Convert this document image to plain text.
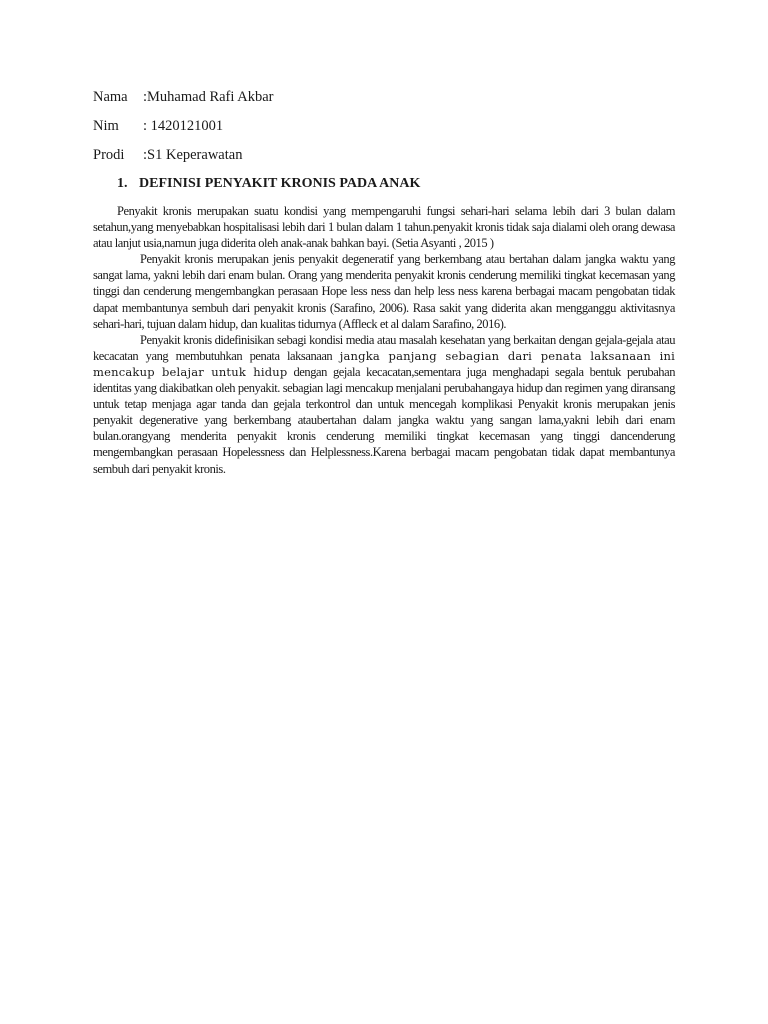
Nama :Muhamad Rafi Akbar
Nim : 1420121001
Prodi :S1 Keperawatan
1. DEFINISI PENYAKIT KRONIS PADA ANAK

Penyakit kronis merupakan suatu kondisi yang mempengaruhi fungsi sehari-hari selama lebih dari 3 bulan dalam setahun,yang menyebabkan hospitalisasi lebih dari 1 bulan dalam 1 tahun.penyakit kronis tidak saja dialami oleh orang dewasa atau lanjut usia,namun juga diderita oleh anak-anak bahkan bayi. (Setia Asyanti , 2015 )

Penyakit kronis merupakan jenis penyakit degeneratif yang berkembang atau bertahan dalam jangka waktu yang sangat lama, yakni lebih dari enam bulan. Orang yang menderita penyakit kronis cenderung memiliki tingkat kecemasan yang tinggi dan cenderung mengembangkan perasaan Hope less ness dan help less ness karena berbagai macam pengobatan tidak dapat membantunya sembuh dari penyakit kronis (Sarafino, 2006). Rasa sakit yang diderita akan mengganggu aktivitasnya sehari-hari, tujuan dalam hidup, dan kualitas tidurnya (Affleck et al dalam Sarafino, 2016).

Penyakit kronis didefinisikan sebagi kondisi media atau masalah kesehatan yang berkaitan dengan gejala-gejala atau kecacatan yang membutuhkan penata laksanaan jangka panjang sebagian dari penata laksanaan ini mencakup belajar untuk hidup dengan gejala kecacatan,sementara juga menghadapi segala bentuk perubahan identitas yang diakibatkan oleh penyakit. sebagian lagi mencakup menjalani perubahangaya hidup dan regimen yang diransang untuk tetap menjaga agar tanda dan gejala terkontrol dan untuk mencegah komplikasi Penyakit kronis merupakan jenis penyakit degenerative yang berkembang ataubertahan dalam jangka waktu yang sangan lama,yakni lebih dari enam bulan.orangyang menderita penyakit kronis cenderung memiliki tingkat kecemasan yang tinggi dancenderung mengembangkan perasaan Hopelessness dan Helplessness.Karena berbagai macam pengobatan tidak dapat membantunya sembuh dari penyakit kronis.
